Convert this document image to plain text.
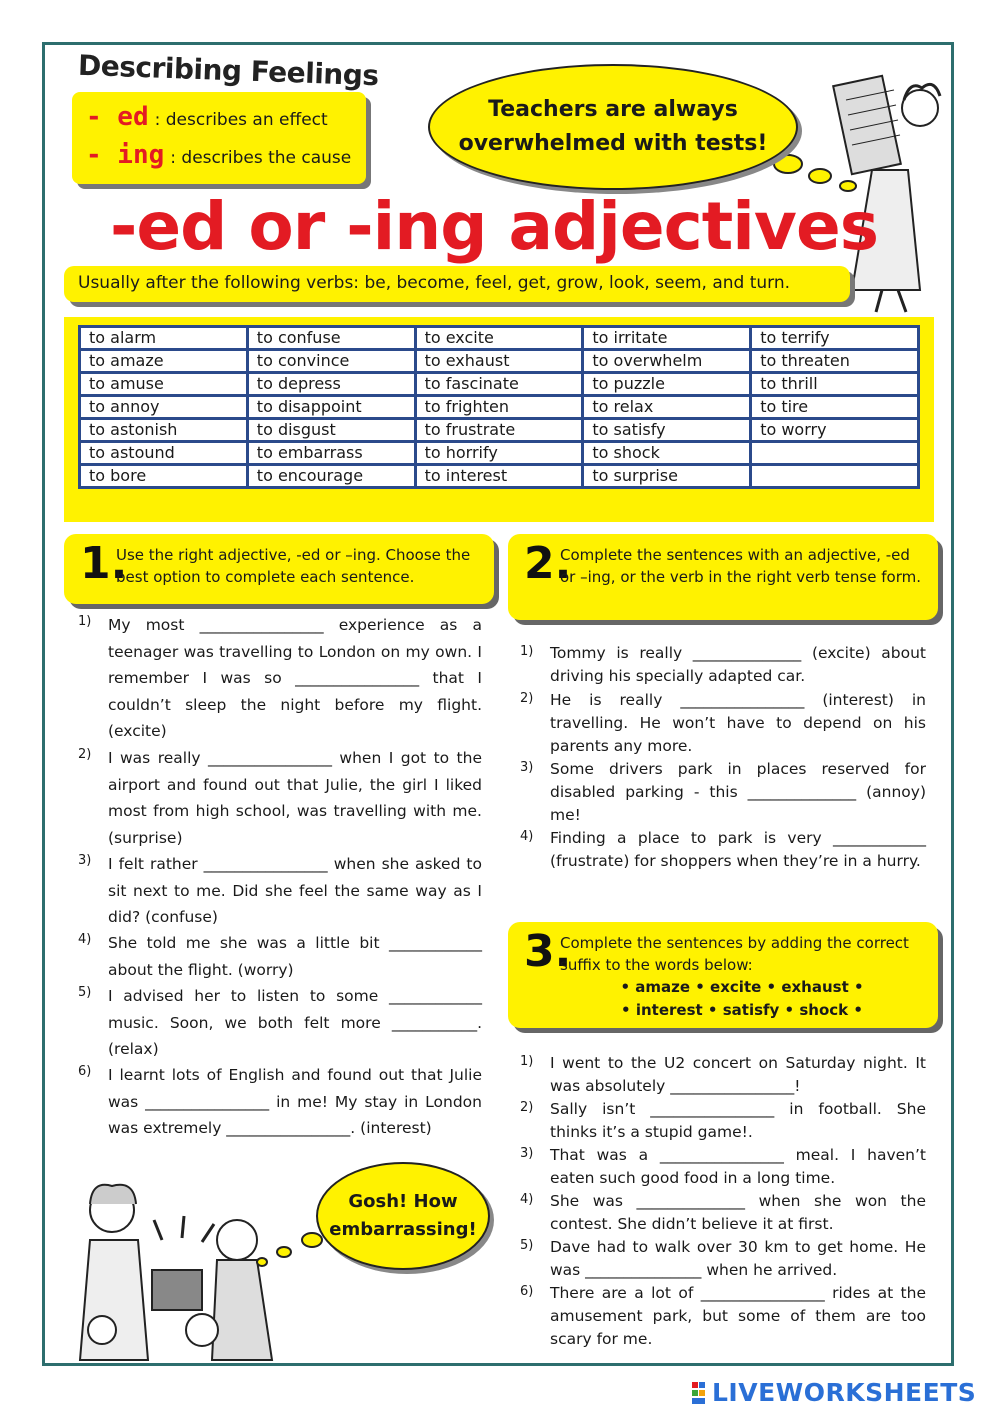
Describing Feelings
- ed : describes an effect
- ing : describes the cause
Teachers are always overwhelmed with tests!
-ed or -ing adjectives
Usually after the following verbs: be, become, feel, get, grow, look, seem, and turn.
to alarm	to confuse	to excite	to irritate	to terrify
to amaze	to convince	to exhaust	to overwhelm	to threaten
to amuse	to depress	to fascinate	to puzzle	to thrill
to annoy	to disappoint	to frighten	to relax	to tire
to astonish	to disgust	to frustrate	to satisfy	to worry
to astound	to embarrass	to horrify	to shock	
to bore	to encourage	to interest	to surprise	
1.
Use the right adjective, -ed or –ing. Choose the best option to complete each sentence.
1)	My most ________________ experience as a teenager was travelling to London on my own. I remember I was so ________________ that I couldn’t sleep the night before my flight. (excite)
2)	I was really ________________ when I got to the airport and found out that Julie, the girl I liked most from high school, was travelling with me. (surprise)
3)	I felt rather ________________ when she asked to sit next to me. Did she feel the same way as I did? (confuse)
4)	She told me she was a little bit ____________ about the flight. (worry)
5)	I advised her to listen to some ____________ music. Soon, we both felt more ___________. (relax)
6)	I learnt lots of English and found out that Julie was ________________ in me! My stay in London was extremely ________________. (interest)
2.
Complete the sentences with an adjective, -ed or –ing, or the verb in the right verb tense form.
1)	Tommy is really ______________ (excite) about driving his specially adapted car.
2)	He is really ________________ (interest) in travelling. He won’t have to depend on his parents any more.
3)	Some drivers park in places reserved for disabled parking - this ______________ (annoy) me!
4)	Finding a place to park is very ____________ (frustrate) for shoppers when they’re in a hurry.
3.
Complete the sentences by adding the correct suffix to the words below:
• amaze • excite • exhaust •
• interest • satisfy • shock •
1)	I went to the U2 concert on Saturday night. It was absolutely ________________!
2)	Sally isn’t ________________ in football. She thinks it’s a stupid game!.
3)	That was a ________________ meal. I haven’t eaten such good food in a long time.
4)	She was ______________ when she won the contest. She didn’t believe it at first.
5)	Dave had to walk over 30 km to get home. He was _______________ when he arrived.
6)	There are a lot of ________________ rides at the amusement park, but some of them are too scary for me.
Gosh! How embarrassing!
LIVEWORKSHEETS
